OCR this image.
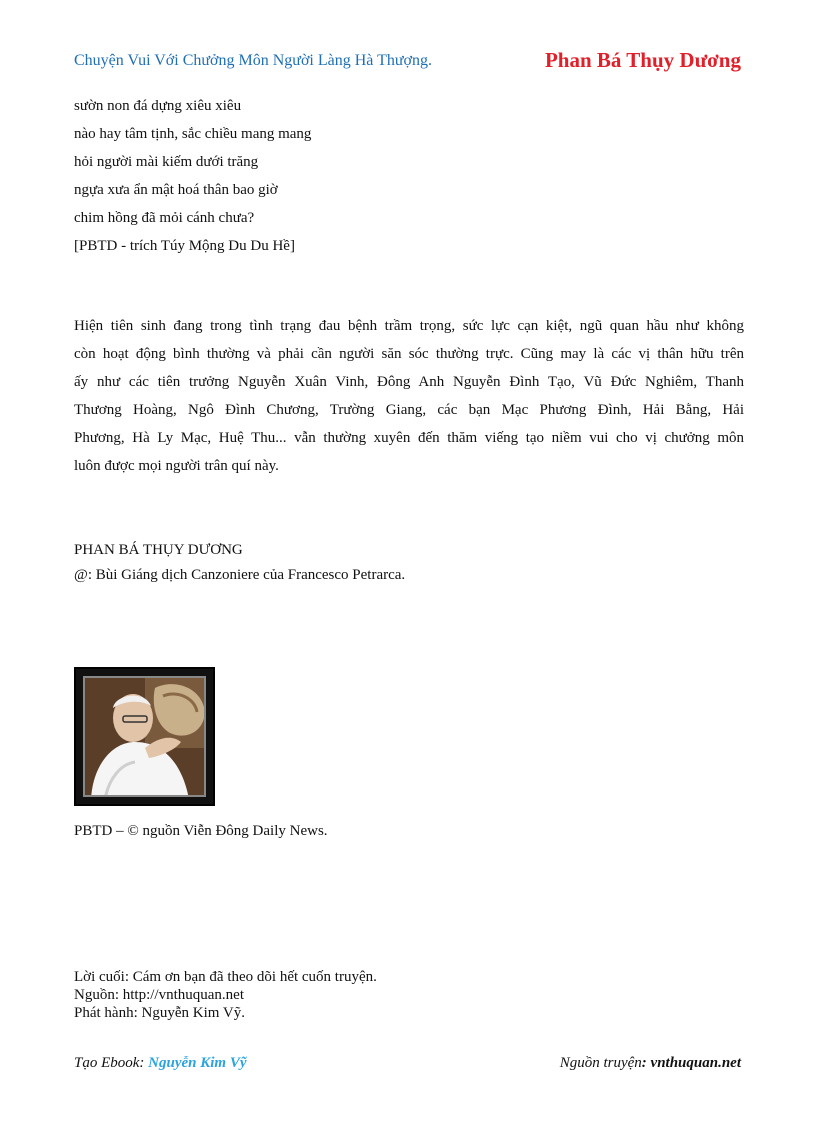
Chuyện Vui Với Chưởng Môn Người Làng Hà Thượng.	Phan Bá Thụy Dương
sườn non đá dựng xiêu xiêu
nào hay tâm tịnh, sắc chiều mang mang
hỏi người mài kiếm dưới trăng
ngựa xưa ẩn mật hoá thân bao giờ
chim hồng đã mỏi cánh chưa?
[PBTD - trích Túy Mộng Du Du Hề]
Hiện tiên sinh đang trong tình trạng đau bệnh trầm trọng, sức lực cạn kiệt, ngũ quan hầu như không
còn hoạt động bình thường và phải cần người săn sóc thường trực. Cũng may là các vị thân hữu trên
ấy như các tiên trưởng Nguyễn Xuân Vinh, Đông Anh Nguyễn Đình Tạo, Vũ Đức Nghiêm, Thanh
Thương Hoàng, Ngô Đình Chương, Trường Giang, các bạn Mạc Phương Đình, Hải Bằng, Hải
Phương, Hà Ly Mạc, Huệ Thu... vẫn thường xuyên đến thăm viếng tạo niềm vui cho vị chưởng môn
luôn được mọi người trân quí này.
PHAN BÁ THỤY DƯƠNG
@: Bùi Giáng dịch Canzoniere của Francesco Petrarca.
PBTD – © nguồn Viễn Đông Daily News.
Lời cuối: Cám ơn bạn đã theo dõi hết cuốn truyện.
Nguồn: http://vnthuquan.net
Phát hành: Nguyễn Kim Vỹ.
Tạo Ebook: Nguyễn Kim Vỹ	Nguồn truyện: vnthuquan.net
